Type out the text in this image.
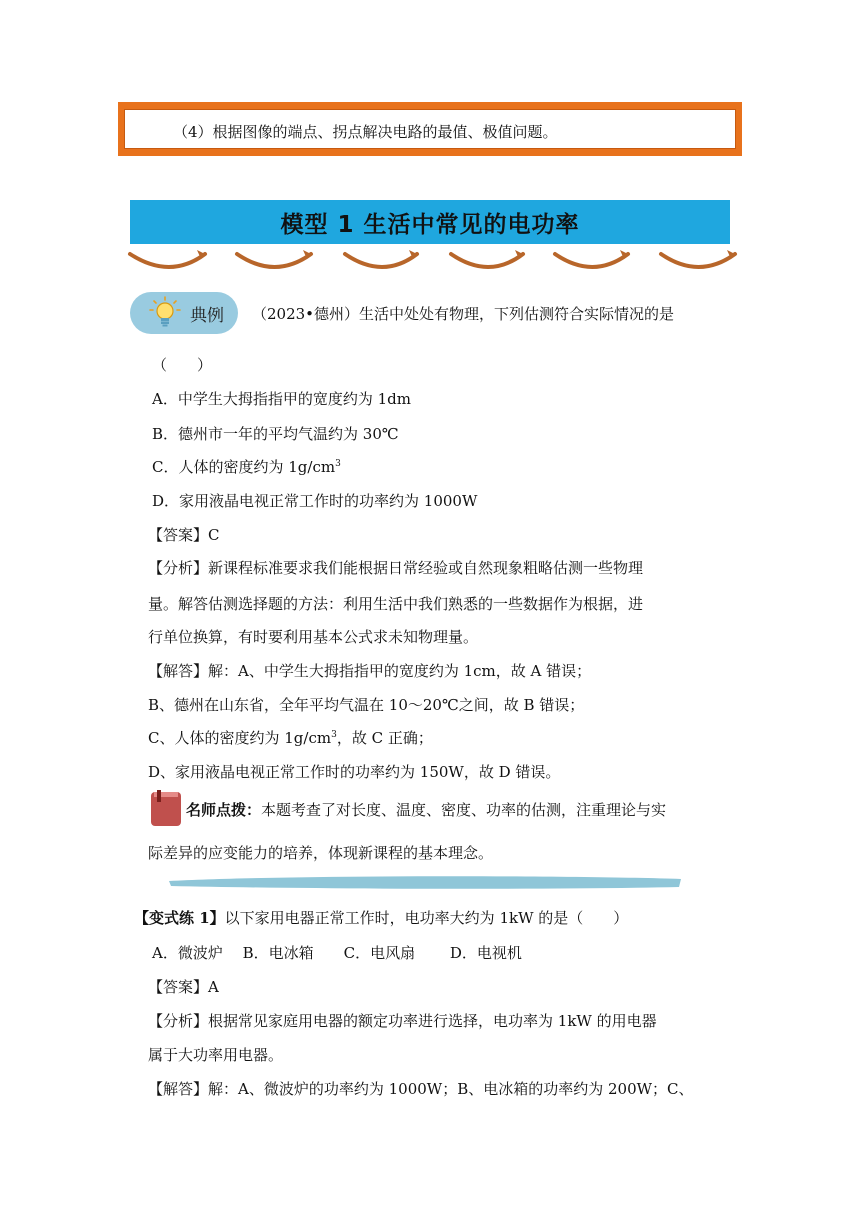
（4）根据图像的端点、拐点解决电路的最值、极值问题。
模型 1 生活中常见的电功率
典例 （2023•德州）生活中处处有物理，下列估测符合实际情况的是
（　　）
A．中学生大拇指指甲的宽度约为 1dm
B．德州市一年的平均气温约为 30℃
C．人体的密度约为 $1g/cm^3$
D．家用液晶电视正常工作时的功率约为 1000W
【答案】C
【分析】新课程标准要求我们能根据日常经验或自然现象粗略估测一些物理
量。解答估测选择题的方法：利用生活中我们熟悉的一些数据作为根据，进
行单位换算，有时要利用基本公式求未知物理量。
【解答】解：A、中学生大拇指指甲的宽度约为 1cm，故 A 错误；
B、德州在山东省，全年平均气温在 10～20℃之间，故 B 错误；
C、人体的密度约为 $1g/cm^3$，故 C 正确；
D、家用液晶电视正常工作时的功率约为 150W，故 D 错误。
名师点拨：本题考查了对长度、温度、密度、功率的估测，注重理论与实
际差异的应变能力的培养，体现新课程的基本理念。
【变式练 1】以下家用电器正常工作时，电功率大约为 1kW 的是（　　）
A．微波炉　 B．电冰箱　　C．电风扇　　 D．电视机
【答案】A
【分析】根据常见家庭用电器的额定功率进行选择，电功率为 1kW 的用电器
属于大功率用电器。
【解答】解：A、微波炉的功率约为 1000W；B、电冰箱的功率约为 200W；C、
